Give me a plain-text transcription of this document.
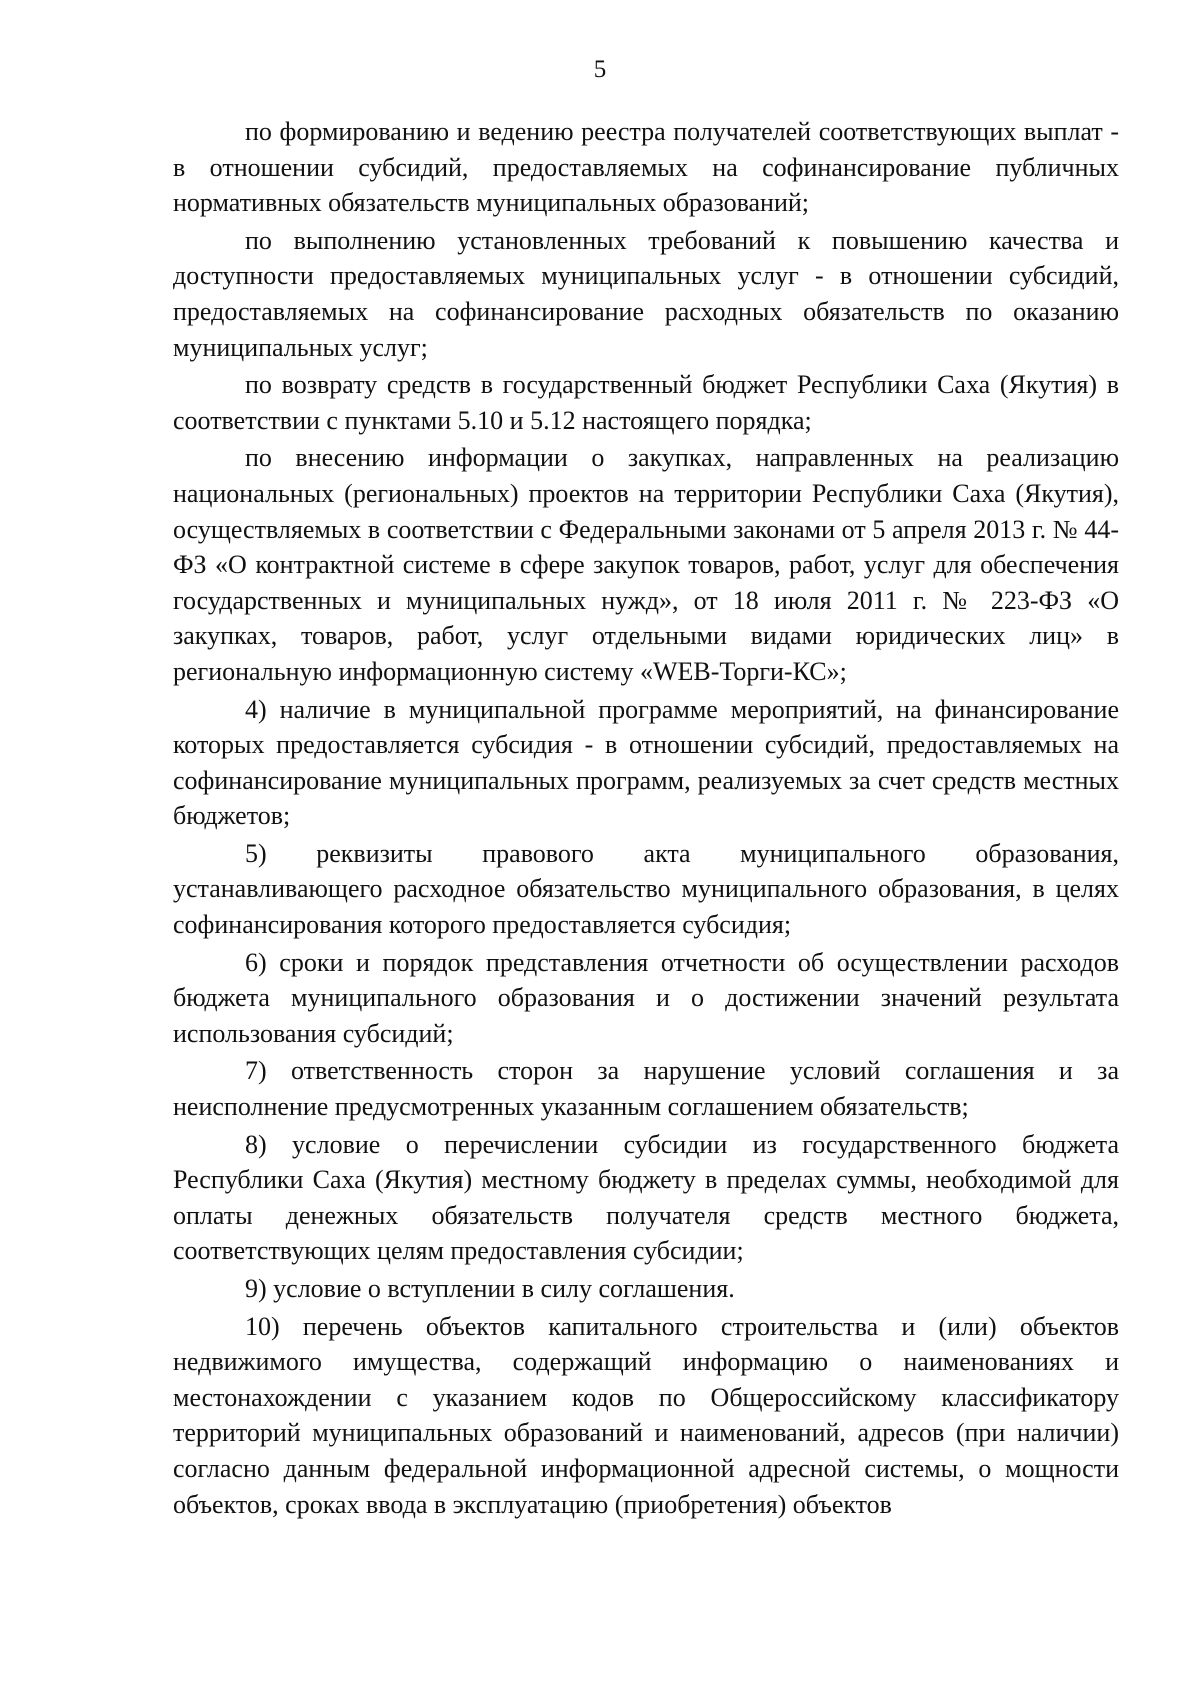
5

по формированию и ведению реестра получателей соответствующих выплат - в отношении субсидий, предоставляемых на софинансирование публичных нормативных обязательств муниципальных образований;

по выполнению установленных требований к повышению качества и доступности предоставляемых муниципальных услуг - в отношении субсидий, предоставляемых на софинансирование расходных обязательств по оказанию муниципальных услуг;

по возврату средств в государственный бюджет Республики Саха (Якутия) в соответствии с пунктами 5.10 и 5.12 настоящего порядка;

по внесению информации о закупках, направленных на реализацию национальных (региональных) проектов на территории Республики Саха (Якутия), осуществляемых в соответствии с Федеральными законами от 5 апреля 2013 г. № 44-ФЗ «О контрактной системе в сфере закупок товаров, работ, услуг для обеспечения государственных и муниципальных нужд», от 18 июля 2011 г. № 223-ФЗ «О закупках, товаров, работ, услуг отдельными видами юридических лиц» в региональную информационную систему «WEB-Торги-КС»;

4) наличие в муниципальной программе мероприятий, на финансирование которых предоставляется субсидия - в отношении субсидий, предоставляемых на софинансирование муниципальных программ, реализуемых за счет средств местных бюджетов;

5) реквизиты правового акта муниципального образования, устанавливающего расходное обязательство муниципального образования, в целях софинансирования которого предоставляется субсидия;

6) сроки и порядок представления отчетности об осуществлении расходов бюджета муниципального образования и о достижении значений результата использования субсидий;

7) ответственность сторон за нарушение условий соглашения и за неисполнение предусмотренных указанным соглашением обязательств;

8) условие о перечислении субсидии из государственного бюджета Республики Саха (Якутия) местному бюджету в пределах суммы, необходимой для оплаты денежных обязательств получателя средств местного бюджета, соответствующих целям предоставления субсидии;

9) условие о вступлении в силу соглашения.

10) перечень объектов капитального строительства и (или) объектов недвижимого имущества, содержащий информацию о наименованиях и местонахождении с указанием кодов по Общероссийскому классификатору территорий муниципальных образований и наименований, адресов (при наличии) согласно данным федеральной информационной адресной системы, о мощности объектов, сроках ввода в эксплуатацию (приобретения) объектов
